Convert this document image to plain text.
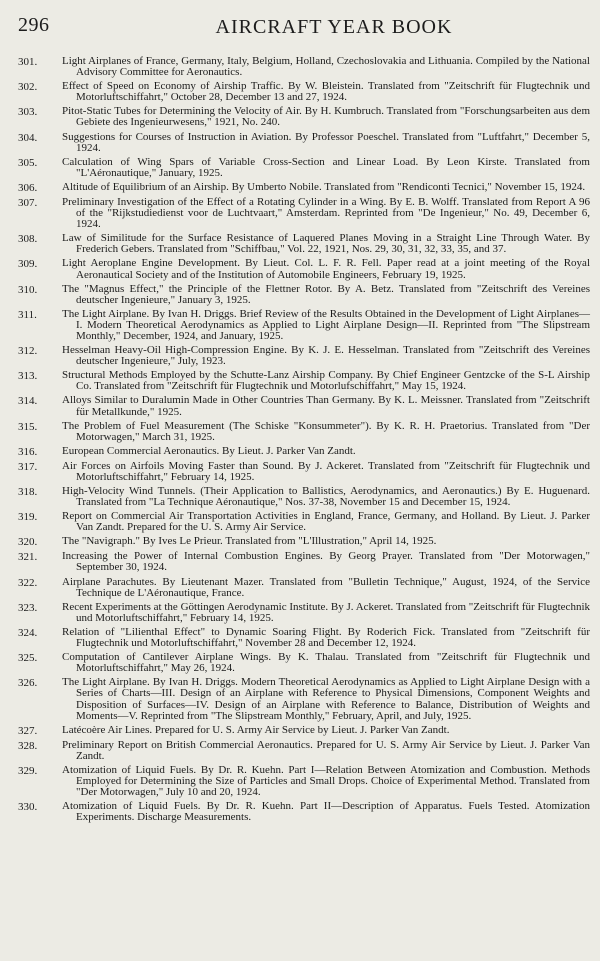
296	AIRCRAFT YEAR BOOK
301.	Light Airplanes of France, Germany, Italy, Belgium, Holland, Czechoslovakia and Lithuania. Compiled by the National Advisory Committee for Aeronautics.
302.	Effect of Speed on Economy of Airship Traffic. By W. Bleistein. Translated from "Zeitschrift für Flugtechnik und Motorluftschiffahrt," October 28, December 13 and 27, 1924.
303.	Pitot-Static Tubes for Determining the Velocity of Air. By H. Kumbruch. Translated from "Forschungsarbeiten aus dem Gebiete des Ingenieurwesens," 1921, No. 240.
304.	Suggestions for Courses of Instruction in Aviation. By Professor Poeschel. Translated from "Luftfahrt," December 5, 1924.
305.	Calculation of Wing Spars of Variable Cross-Section and Linear Load. By Leon Kirste. Translated from "L'Aéronautique," January, 1925.
306.	Altitude of Equilibrium of an Airship. By Umberto Nobile. Translated from "Rendiconti Tecnici," November 15, 1924.
307.	Preliminary Investigation of the Effect of a Rotating Cylinder in a Wing. By E. B. Wolff. Translated from Report A 96 of the "Rijkstudiedienst voor de Luchtvaart," Amsterdam. Reprinted from "De Ingenieur," No. 49, December 6, 1924.
308.	Law of Similitude for the Surface Resistance of Laquered Planes Moving in a Straight Line Through Water. By Frederich Gebers. Translated from "Schiffbau," Vol. 22, 1921, Nos. 29, 30, 31, 32, 33, 35, and 37.
309.	Light Aeroplane Engine Development. By Lieut. Col. L. F. R. Fell. Paper read at a joint meeting of the Royal Aeronautical Society and of the Institution of Automobile Engineers, February 19, 1925.
310.	The "Magnus Effect," the Principle of the Flettner Rotor. By A. Betz. Translated from "Zeitschrift des Vereines deutscher Ingenieure," January 3, 1925.
311.	The Light Airplane. By Ivan H. Driggs. Brief Review of the Results Obtained in the Development of Light Airplanes—I. Modern Theoretical Aerodynamics as Applied to Light Airplane Design—II. Reprinted from "The Slipstream Monthly," December, 1924, and January, 1925.
312.	Hesselman Heavy-Oil High-Compression Engine. By K. J. E. Hesselman. Translated from "Zeitschrift des Vereines deutscher Ingenieure," July, 1923.
313.	Structural Methods Employed by the Schutte-Lanz Airship Company. By Chief Engineer Gentzcke of the S-L Airship Co. Translated from "Zeitschrift für Flugtechnik und Motorlufschiffahrt," May 15, 1924.
314.	Alloys Similar to Duralumin Made in Other Countries Than Germany. By K. L. Meissner. Translated from "Zeitschrift für Metallkunde," 1925.
315.	The Problem of Fuel Measurement (The Schiske "Konsummeter"). By K. R. H. Praetorius. Translated from "Der Motorwagen," March 31, 1925.
316.	European Commercial Aeronautics. By Lieut. J. Parker Van Zandt.
317.	Air Forces on Airfoils Moving Faster than Sound. By J. Ackeret. Translated from "Zeitschrift für Flugtechnik und Motorluftschiffahrt," February 14, 1925.
318.	High-Velocity Wind Tunnels. (Their Application to Ballistics, Aerodynamics, and Aeronautics.) By E. Huguenard. Translated from "La Technique Aéronautique," Nos. 37-38, November 15 and December 15, 1924.
319.	Report on Commercial Air Transportation Activities in England, France, Germany, and Holland. By Lieut. J. Parker Van Zandt. Prepared for the U. S. Army Air Service.
320.	The "Navigraph." By Ives Le Prieur. Translated from "L'Illustration," April 14, 1925.
321.	Increasing the Power of Internal Combustion Engines. By Georg Prayer. Translated from "Der Motorwagen," September 30, 1924.
322.	Airplane Parachutes. By Lieutenant Mazer. Translated from "Bulletin Technique," August, 1924, of the Service Technique de L'Aéronautique, France.
323.	Recent Experiments at the Göttingen Aerodynamic Institute. By J. Ackeret. Translated from "Zeitschrift für Flugtechnik und Motorluftschiffahrt," February 14, 1925.
324.	Relation of "Lilienthal Effect" to Dynamic Soaring Flight. By Roderich Fick. Translated from "Zeitschrift für Flugtechnik und Motorluftschiffahrt," November 28 and December 12, 1924.
325.	Computation of Cantilever Airplane Wings. By K. Thalau. Translated from "Zeitschrift für Flugtechnik und Motorluftschiffahrt," May 26, 1924.
326.	The Light Airplane. By Ivan H. Driggs. Modern Theoretical Aerodynamics as Applied to Light Airplane Design with a Series of Charts—III. Design of an Airplane with Reference to Physical Dimensions, Component Weights and Disposition of Surfaces—IV. Design of an Airplane with Reference to Balance, Distribution of Weights and Moments—V. Reprinted from "The Slipstream Monthly," February, April, and July, 1925.
327.	Latécoère Air Lines. Prepared for U. S. Army Air Service by Lieut. J. Parker Van Zandt.
328.	Preliminary Report on British Commercial Aeronautics. Prepared for U. S. Army Air Service by Lieut. J. Parker Van Zandt.
329.	Atomization of Liquid Fuels. By Dr. R. Kuehn. Part I—Relation Between Atomization and Combustion. Methods Employed for Determining the Size of Particles and Small Drops. Choice of Experimental Method. Translated from "Der Motorwagen," July 10 and 20, 1924.
330.	Atomization of Liquid Fuels. By Dr. R. Kuehn. Part II—Description of Apparatus. Fuels Tested. Atomization Experiments. Discharge Measurements.
